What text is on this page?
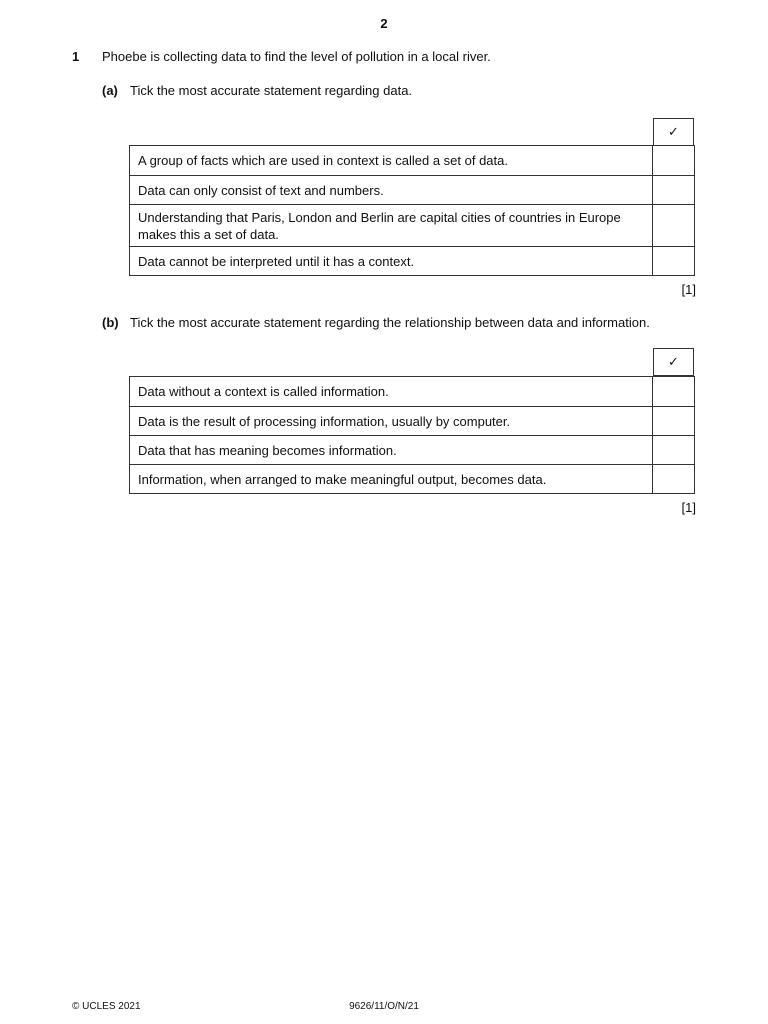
2
1 Phoebe is collecting data to find the level of pollution in a local river.
(a) Tick the most accurate statement regarding data.
✓
A group of facts which are used in context is called a set of data.	
Data can only consist of text and numbers.	
Understanding that Paris, London and Berlin are capital cities of countries in Europe makes this a set of data.	
Data cannot be interpreted until it has a context.	
[1]
(b) Tick the most accurate statement regarding the relationship between data and information.
✓
Data without a context is called information.	
Data is the result of processing information, usually by computer.	
Data that has meaning becomes information.	
Information, when arranged to make meaningful output, becomes data.	
[1]
© UCLES 2021	9626/11/O/N/21
